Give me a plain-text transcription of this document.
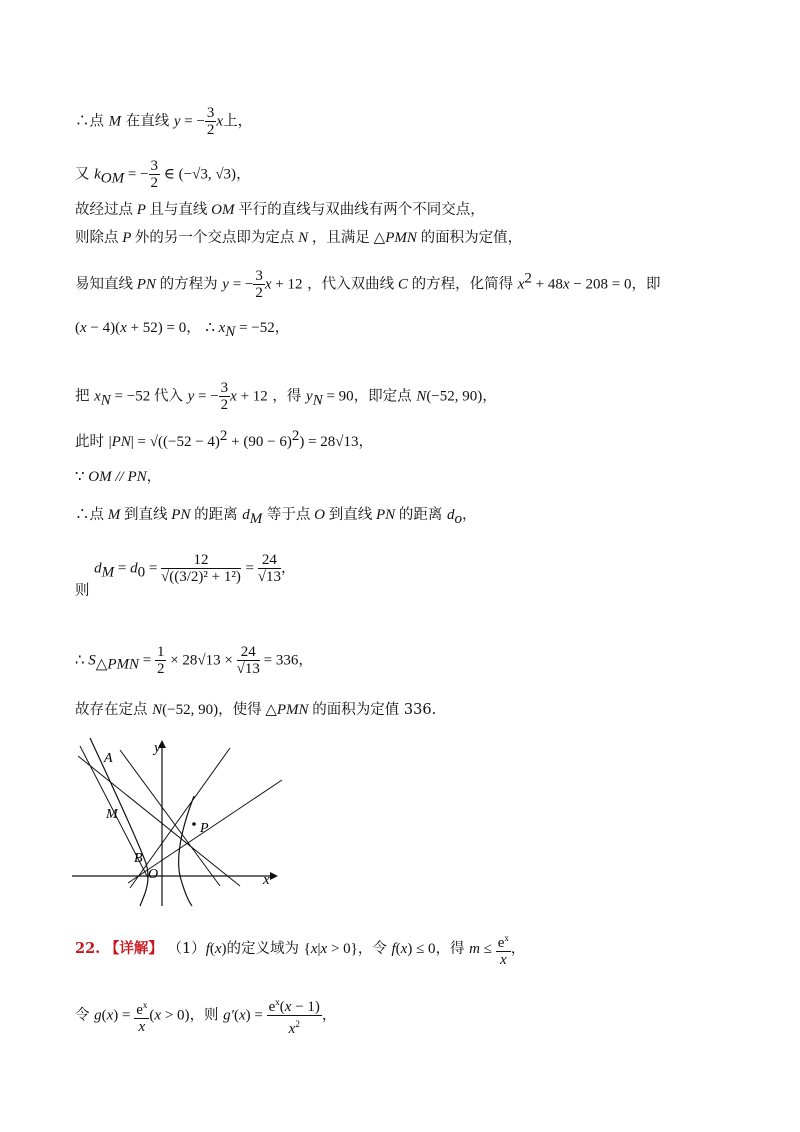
∴点 M 在直线 y = − $\frac{3}{2}$ x上，
又 $k_{OM}$ = − $\frac{3}{2}$ ∈ (−√3, √3)，
故经过点 P 且与直线 OM 平行的直线与双曲线有两个不同交点，
则除点 P 外的另一个交点即为定点 N ，且满足 △PMN 的面积为定值，
易知直线 PN 的方程为 y = − $\frac{3}{2}$ x + 12 ，代入双曲线 C 的方程，化简得 $x^2 + 48x - 208 = 0$，即
(x − 4)(x + 52) = 0， ∴ $x_N = -52$，
把 $x_N = -52$ 代入 y = − $\frac{3}{2}$ x + 12 ，得 $y_N = 90$，即定点 N(−52, 90)，
此时 $|PN| = √((-52 - 4)^2 + (90 - 6)^2) = 28√13$，
∵ OM // PN，
∴点 M 到直线 PN 的距离 $d_M$ 等于点 O 到直线 PN 的距离 $d_o$，
则 $d_M = d_0 = \frac{12}{\text{√((3/2)² + 1²)}} = \frac{24}{√13}$ ，
∴ $S_{\triangle PMN} = \frac{1}{2} \times 28√13 \times \frac{24}{√13} = 336$，
故存在定点 N(−52, 90)，使得 △PMN 的面积为定值 336.
y
x
A
M
P
B
O
22. 【详解】 （1）f(x)的定义域为 {x|x > 0}，令 f(x) ≤ 0，得 $m \le \frac{e^x}{x}$ ，
令 $g(x) = \frac{e^x}{x} (x > 0)$，则 $g'(x) = \frac{e^x(x - 1)}{x^2}$ ，
